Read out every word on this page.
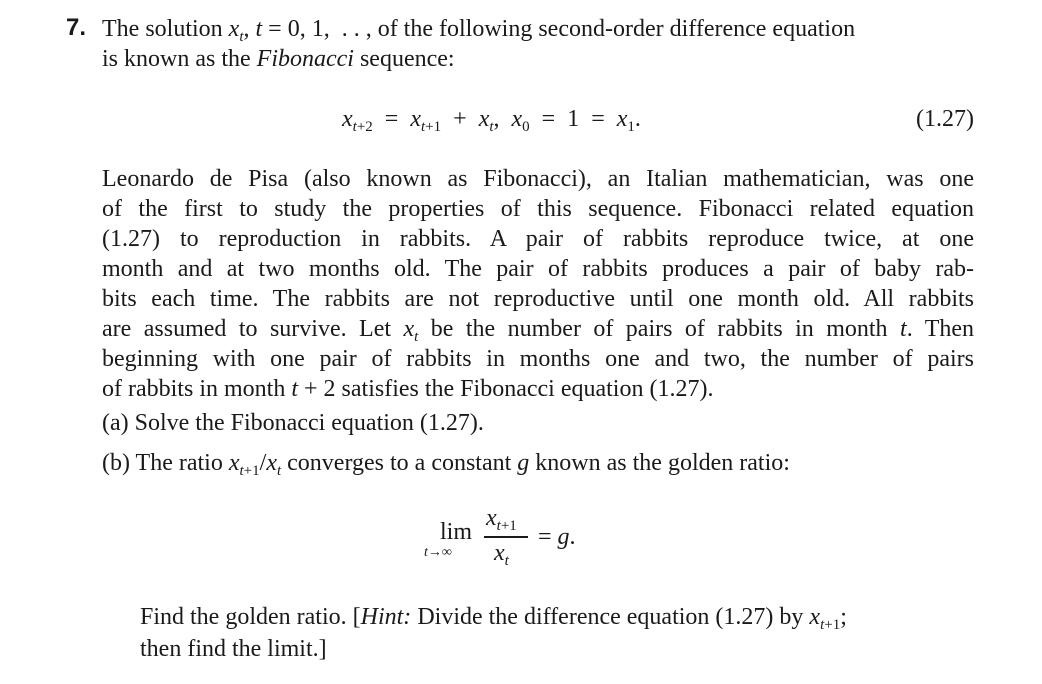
7. The solution $x_t$, t = 0, 1,  . . , of the following second-order difference equation
is known as the Fibonacci sequence:
$x_{t+2} = x_{t+1} + x_t$,  $x_0 = 1 = x_1$.	(1.27)
Leonardo de Pisa (also known as Fibonacci), an Italian mathematician, was one
of the first to study the properties of this sequence. Fibonacci related equation
(1.27) to reproduction in rabbits. A pair of rabbits reproduce twice, at one
month and at two months old. The pair of rabbits produces a pair of baby rab-
bits each time. The rabbits are not reproductive until one month old. All rabbits
are assumed to survive. Let $x_t$ be the number of pairs of rabbits in month t. Then
beginning with one pair of rabbits in months one and two, the number of pairs
of rabbits in month t + 2 satisfies the Fibonacci equation (1.27).
(a) Solve the Fibonacci equation (1.27).
(b) The ratio $x_{t+1}/x_t$ converges to a constant g known as the golden ratio:
lim
t→∞
$x_{t+1}$
$x_t$
= g.
Find the golden ratio. [Hint: Divide the difference equation (1.27) by $x_{t+1}$;
then find the limit.]
